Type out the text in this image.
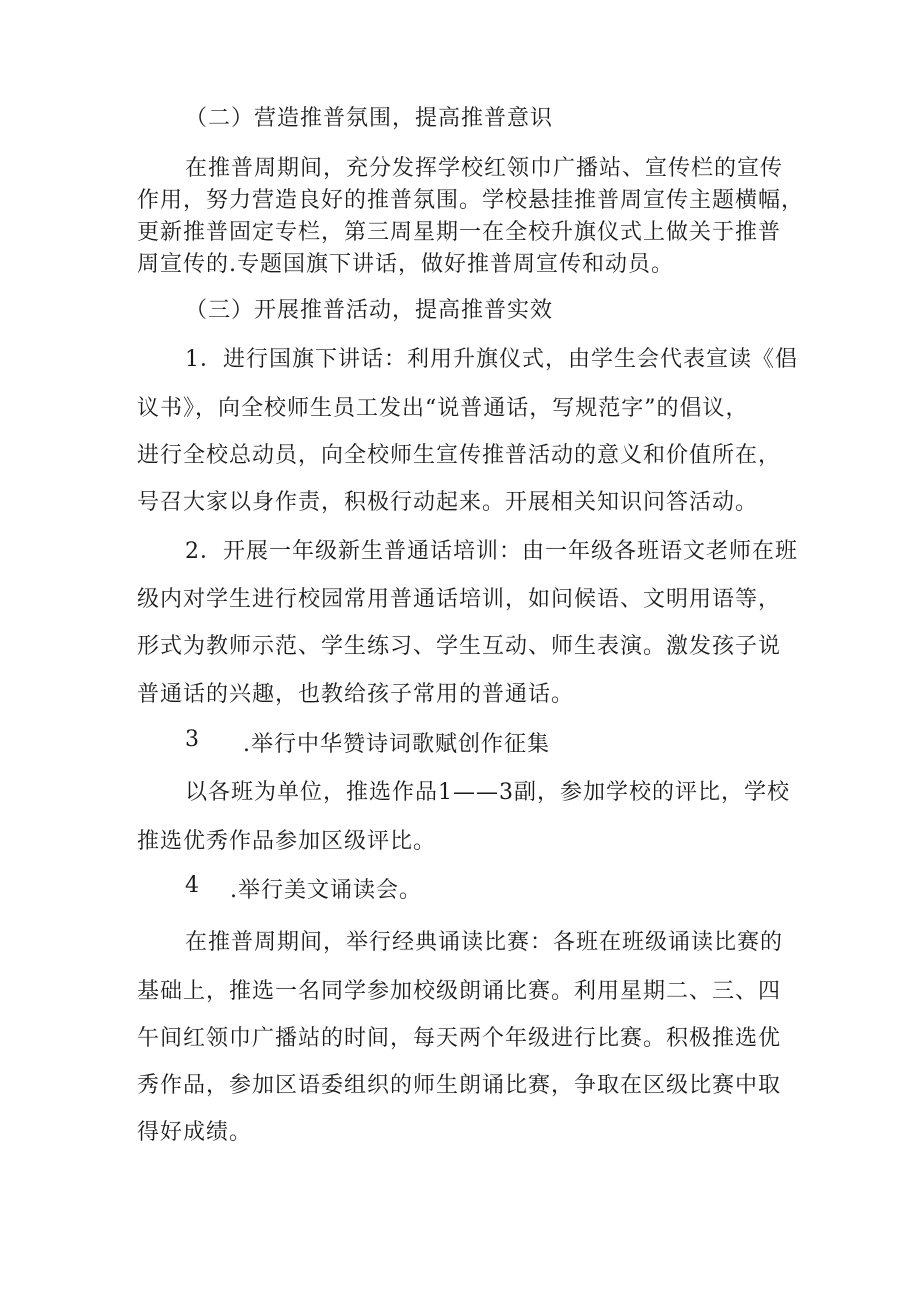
（二）营造推普氛围，提高推普意识
在推普周期间，充分发挥学校红领巾广播站、宣传栏的宣传
作用，努力营造良好的推普氛围。学校悬挂推普周宣传主题横幅，
更新推普固定专栏，第三周星期一在全校升旗仪式上做关于推普
周宣传的.专题国旗下讲话，做好推普周宣传和动员。
（三）开展推普活动，提高推普实效
1．进行国旗下讲话：利用升旗仪式，由学生会代表宣读《倡
议书》，向全校师生员工发出“说普通话，写规范字”的倡议，
进行全校总动员，向全校师生宣传推普活动的意义和价值所在，
号召大家以身作责，积极行动起来。开展相关知识问答活动。
2．开展一年级新生普通话培训：由一年级各班语文老师在班
级内对学生进行校园常用普通话培训，如问候语、文明用语等，
形式为教师示范、学生练习、学生互动、师生表演。激发孩子说
普通话的兴趣，也教给孩子常用的普通话。
3 .举行中华赞诗词歌赋创作征集
以各班为单位，推选作品1——3副，参加学校的评比，学校
推选优秀作品参加区级评比。
4 .举行美文诵读会。
在推普周期间，举行经典诵读比赛：各班在班级诵读比赛的
基础上，推选一名同学参加校级朗诵比赛。利用星期二、三、四
午间红领巾广播站的时间，每天两个年级进行比赛。积极推选优
秀作品，参加区语委组织的师生朗诵比赛，争取在区级比赛中取
得好成绩。
